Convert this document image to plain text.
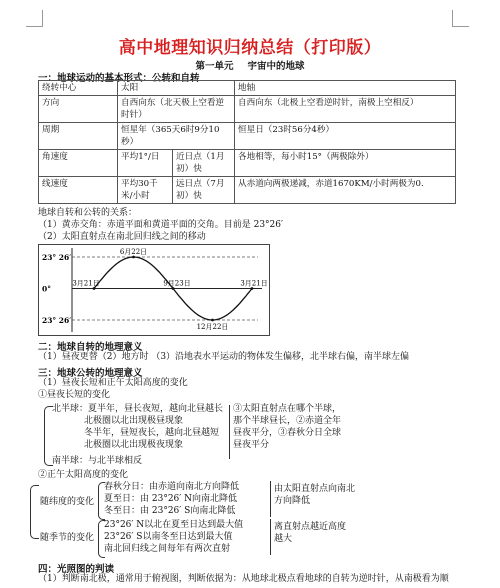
高中地理知识归纳总结（打印版）
第一单元 宇宙中的地球
一：地球运动的基本形式：公转和自转
绕转中心	太阳		地轴
方向	自西向东（北天极上空看逆时针）		自西向东（北极上空看逆时针，南极上空相反）
周期	恒星年（365天6时9分10秒）		恒星日（23时56分4秒）
角速度	平均1°/日	近日点（1月初）快	各地相等，每小时15°（两极除外）
线速度	平均30千米/小时	远日点（7月初）快	从赤道向两极递减，赤道1670KM/小时两极为0.
地球自转和公转的关系：
（1）黄赤交角：赤道平面和黄道平面的交角。目前是 23°26′
（2）太阳直射点在南北回归线之间的移动
23° 26′
0°
23° 26′
3月21日
6月22日
9月23日
12月22日
3月21日
二：地球自转的地理意义
（1）昼夜更替（2）地方时 （3）沿地表水平运动的物体发生偏移，北半球右偏，南半球左偏
三：地球公转的地理意义
（1）昼夜长短和正午太阳高度的变化
①昼夜长短的变化
北半球：夏半年，昼长夜短，越向北昼越长
北极圈以北出现极昼现象
冬半年，昼短夜长，越向北昼越短
北极圈以北出现极夜现象
南半球：与北半球相反
③太阳直射点在哪个半球，
那个半球昼长，②赤道全年
昼夜平分，③春秋分日全球
昼夜平分
②正午太阳高度的变化
随纬度的变化
春秋分日：由赤道向南北方向降低
夏至日：由 23°26′ N向南北降低
冬至日：由 23°26′ S向南北降低
由太阳直射点向南北
方向降低
随季节的变化
23°26′ N以北在夏至日达到最大值
23°26′ S以南冬至日达到最大值
南北回归线之间每年有两次直射
离直射点越近高度
越大
四：光照图的判读
（1）判断南北极，通常用于俯视图，判断依据为：从地球北极点看地球的自转为逆时针，从南极看为顺
